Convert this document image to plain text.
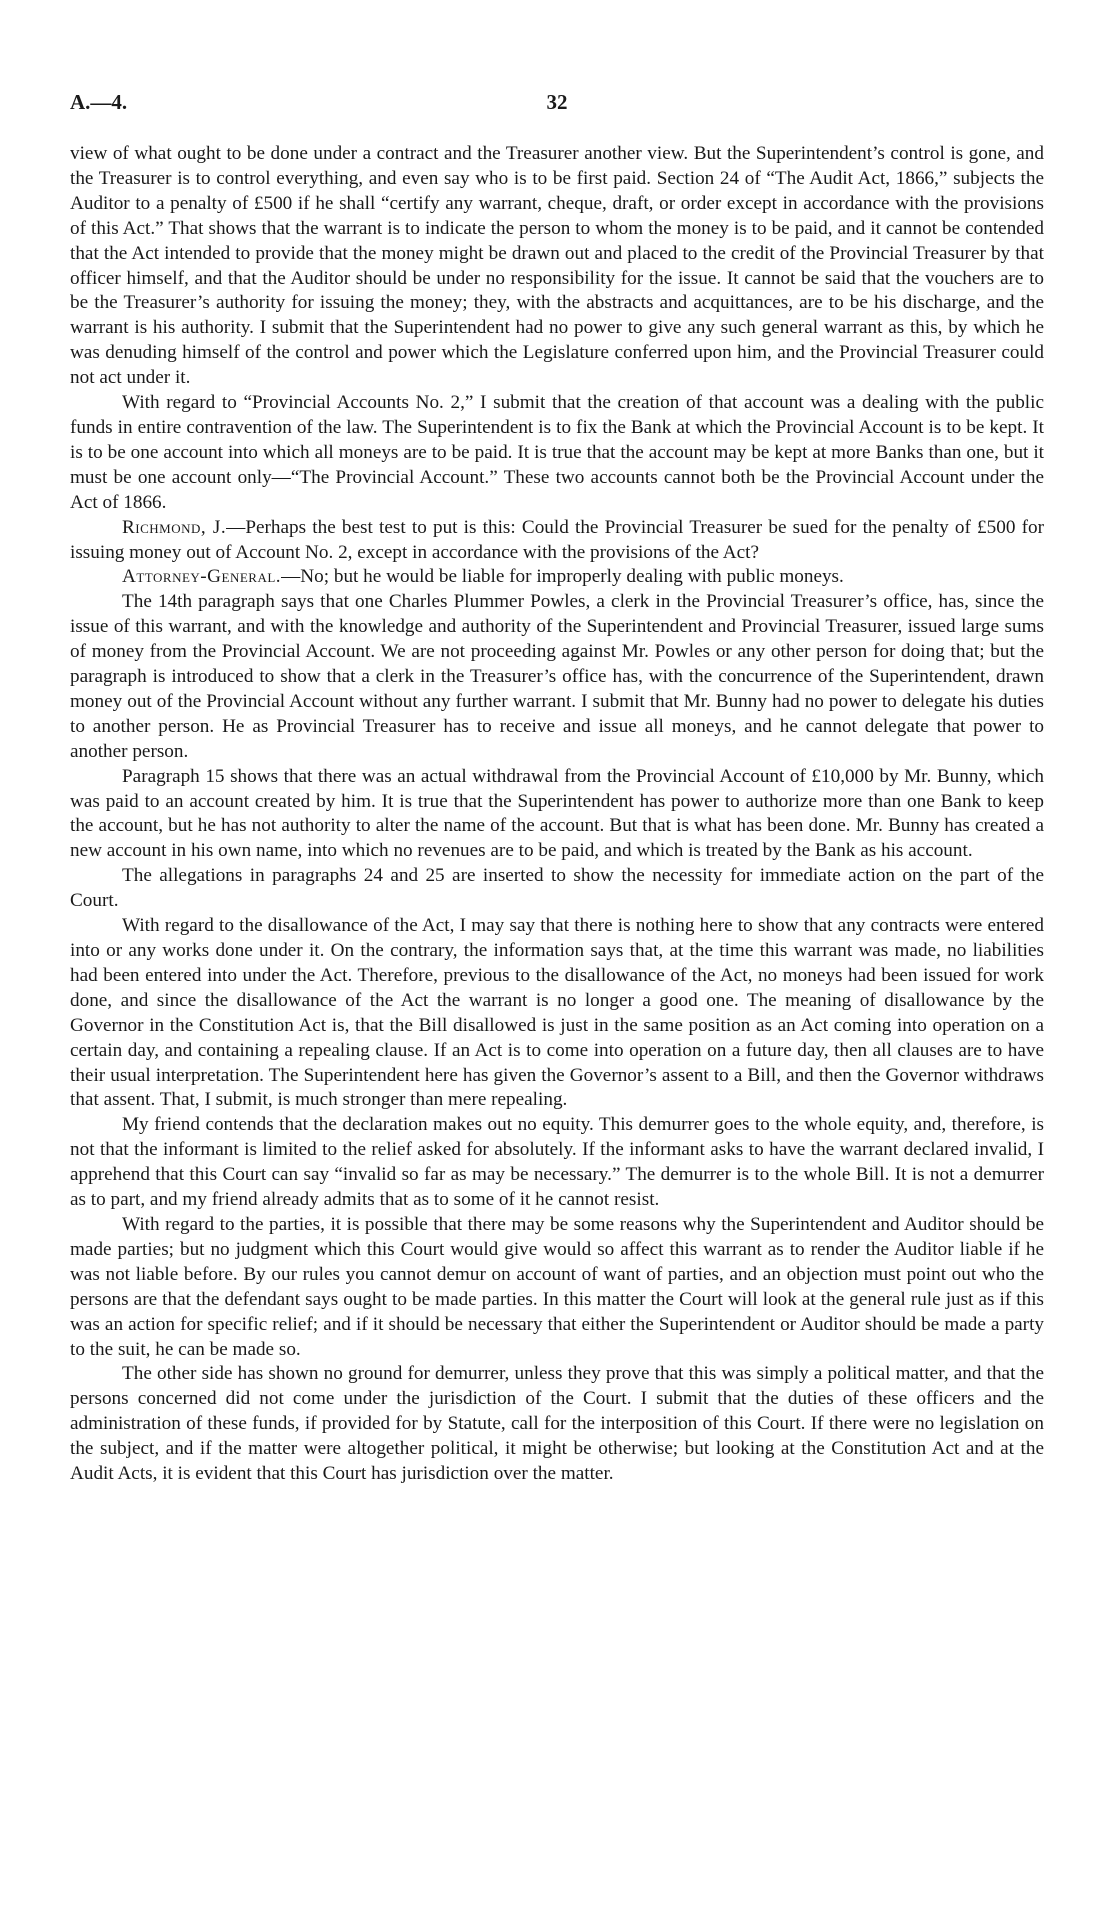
32
A.—4.

view of what ought to be done under a contract and the Treasurer another view. But the Superintendent’s control is gone, and the Treasurer is to control everything, and even say who is to be first paid. Section 24 of “The Audit Act, 1866,” subjects the Auditor to a penalty of £500 if he shall “certify any warrant, cheque, draft, or order except in accordance with the provisions of this Act.” That shows that the warrant is to indicate the person to whom the money is to be paid, and it cannot be contended that the Act intended to provide that the money might be drawn out and placed to the credit of the Provincial Treasurer by that officer himself, and that the Auditor should be under no responsibility for the issue. It cannot be said that the vouchers are to be the Treasurer’s authority for issuing the money; they, with the abstracts and acquittances, are to be his discharge, and the warrant is his authority. I submit that the Superintendent had no power to give any such general warrant as this, by which he was denuding himself of the control and power which the Legislature conferred upon him, and the Provincial Treasurer could not act under it.

With regard to “Provincial Accounts No. 2,” I submit that the creation of that account was a dealing with the public funds in entire contravention of the law. The Superintendent is to fix the Bank at which the Provincial Account is to be kept. It is to be one account into which all moneys are to be paid. It is true that the account may be kept at more Banks than one, but it must be one account only—“The Provincial Account.” These two accounts cannot both be the Provincial Account under the Act of 1866.

Richmond, J.—Perhaps the best test to put is this: Could the Provincial Treasurer be sued for the penalty of £500 for issuing money out of Account No. 2, except in accordance with the provisions of the Act?

Attorney-General.—No; but he would be liable for improperly dealing with public moneys.

The 14th paragraph says that one Charles Plummer Powles, a clerk in the Provincial Treasurer’s office, has, since the issue of this warrant, and with the knowledge and authority of the Superintendent and Provincial Treasurer, issued large sums of money from the Provincial Account. We are not proceeding against Mr. Powles or any other person for doing that; but the paragraph is introduced to show that a clerk in the Treasurer’s office has, with the concurrence of the Superintendent, drawn money out of the Provincial Account without any further warrant. I submit that Mr. Bunny had no power to delegate his duties to another person. He as Provincial Treasurer has to receive and issue all moneys, and he cannot delegate that power to another person.

Paragraph 15 shows that there was an actual withdrawal from the Provincial Account of £10,000 by Mr. Bunny, which was paid to an account created by him. It is true that the Superintendent has power to authorize more than one Bank to keep the account, but he has not authority to alter the name of the account. But that is what has been done. Mr. Bunny has created a new account in his own name, into which no revenues are to be paid, and which is treated by the Bank as his account.

The allegations in paragraphs 24 and 25 are inserted to show the necessity for immediate action on the part of the Court.

With regard to the disallowance of the Act, I may say that there is nothing here to show that any contracts were entered into or any works done under it. On the contrary, the information says that, at the time this warrant was made, no liabilities had been entered into under the Act. Therefore, previous to the disallowance of the Act, no moneys had been issued for work done, and since the disallowance of the Act the warrant is no longer a good one. The meaning of disallowance by the Governor in the Constitution Act is, that the Bill disallowed is just in the same position as an Act coming into operation on a certain day, and containing a repealing clause. If an Act is to come into operation on a future day, then all clauses are to have their usual interpretation. The Superintendent here has given the Governor’s assent to a Bill, and then the Governor withdraws that assent. That, I submit, is much stronger than mere repealing.

My friend contends that the declaration makes out no equity. This demurrer goes to the whole equity, and, therefore, is not that the informant is limited to the relief asked for absolutely. If the informant asks to have the warrant declared invalid, I apprehend that this Court can say “invalid so far as may be necessary.” The demurrer is to the whole Bill. It is not a demurrer as to part, and my friend already admits that as to some of it he cannot resist.

With regard to the parties, it is possible that there may be some reasons why the Superintendent and Auditor should be made parties; but no judgment which this Court would give would so affect this warrant as to render the Auditor liable if he was not liable before. By our rules you cannot demur on account of want of parties, and an objection must point out who the persons are that the defendant says ought to be made parties. In this matter the Court will look at the general rule just as if this was an action for specific relief; and if it should be necessary that either the Superintendent or Auditor should be made a party to the suit, he can be made so.

The other side has shown no ground for demurrer, unless they prove that this was simply a political matter, and that the persons concerned did not come under the jurisdiction of the Court. I submit that the duties of these officers and the administration of these funds, if provided for by Statute, call for the interposition of this Court. If there were no legislation on the subject, and if the matter were altogether political, it might be otherwise; but looking at the Constitution Act and at the Audit Acts, it is evident that this Court has jurisdiction over the matter.
